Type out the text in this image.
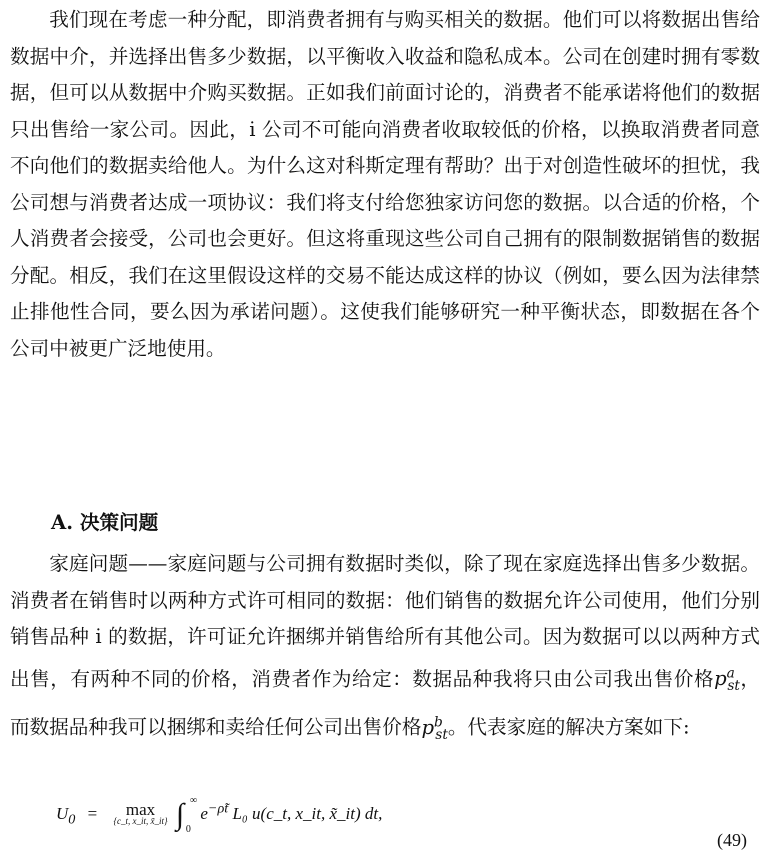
我们现在考虑一种分配，即消费者拥有与购买相关的数据。他们可以将数据出售给数据中介，并选择出售多少数据，以平衡收入收益和隐私成本。公司在创建时拥有零数据，但可以从数据中介购买数据。正如我们前面讨论的，消费者不能承诺将他们的数据只出售给一家公司。因此，i 公司不可能向消费者收取较低的价格，以换取消费者同意不向他们的数据卖给他人。为什么这对科斯定理有帮助？出于对创造性破坏的担忧，我公司想与消费者达成一项协议：我们将支付给您独家访问您的数据。以合适的价格，个人消费者会接受，公司也会更好。但这将重现这些公司自己拥有的限制数据销售的数据分配。相反，我们在这里假设这样的交易不能达成这样的协议（例如，要么因为法律禁止排他性合同，要么因为承诺问题）。这使我们能够研究一种平衡状态，即数据在各个公司中被更广泛地使用。

A. 决策问题

家庭问题——家庭问题与公司拥有数据时类似，除了现在家庭选择出售多少数据。消费者在销售时以两种方式许可相同的数据：他们销售的数据允许公司使用，他们分别销售品种 i 的数据，许可证允许捆绑并销售给所有其他公司。因为数据可以以两种方式出售，有两种不同的价格，消费者作为给定：数据品种我将只由公司我出售价格$p^a_{st}$，而数据品种我可以捆绑和卖给任何公司出售价格$p^b_{st}$。代表家庭的解决方案如下:

$U_0$ =	max
{c_t, x_it, x̃_it} ∫ ∞
0
$e^{-\rhõt}$ L₀ u(c_t, x_it, x̃_it) dt,
(49)
